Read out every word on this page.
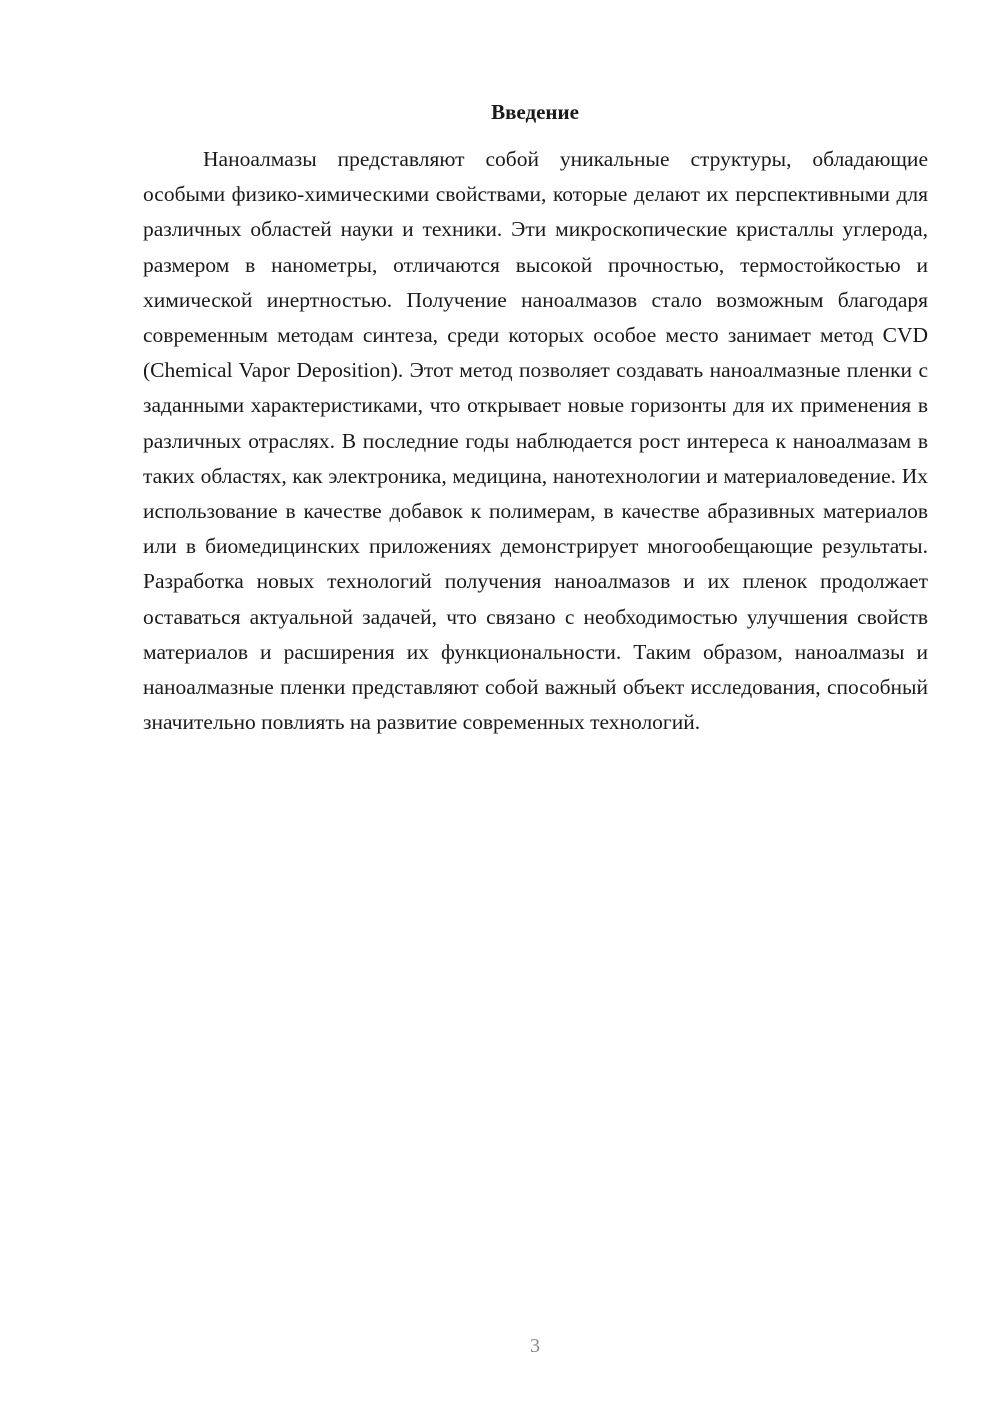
Введение

Наноалмазы представляют собой уникальные структуры, обладающие особыми физико-химическими свойствами, которые делают их перспективными для различных областей науки и техники. Эти микроскопические кристаллы углерода, размером в нанометры, отличаются высокой прочностью, термостойкостью и химической инертностью. Получение наноалмазов стало возможным благодаря современным методам синтеза, среди которых особое место занимает метод CVD (Chemical Vapor Deposition). Этот метод позволяет создавать наноалмазные пленки с заданными характеристиками, что открывает новые горизонты для их применения в различных отраслях. В последние годы наблюдается рост интереса к наноалмазам в таких областях, как электроника, медицина, нанотехнологии и материаловедение. Их использование в качестве добавок к полимерам, в качестве абразивных материалов или в биомедицинских приложениях демонстрирует многообещающие результаты. Разработка новых технологий получения наноалмазов и их пленок продолжает оставаться актуальной задачей, что связано с необходимостью улучшения свойств материалов и расширения их функциональности. Таким образом, наноалмазы и наноалмазные пленки представляют собой важный объект исследования, способный значительно повлиять на развитие современных технологий.

3
